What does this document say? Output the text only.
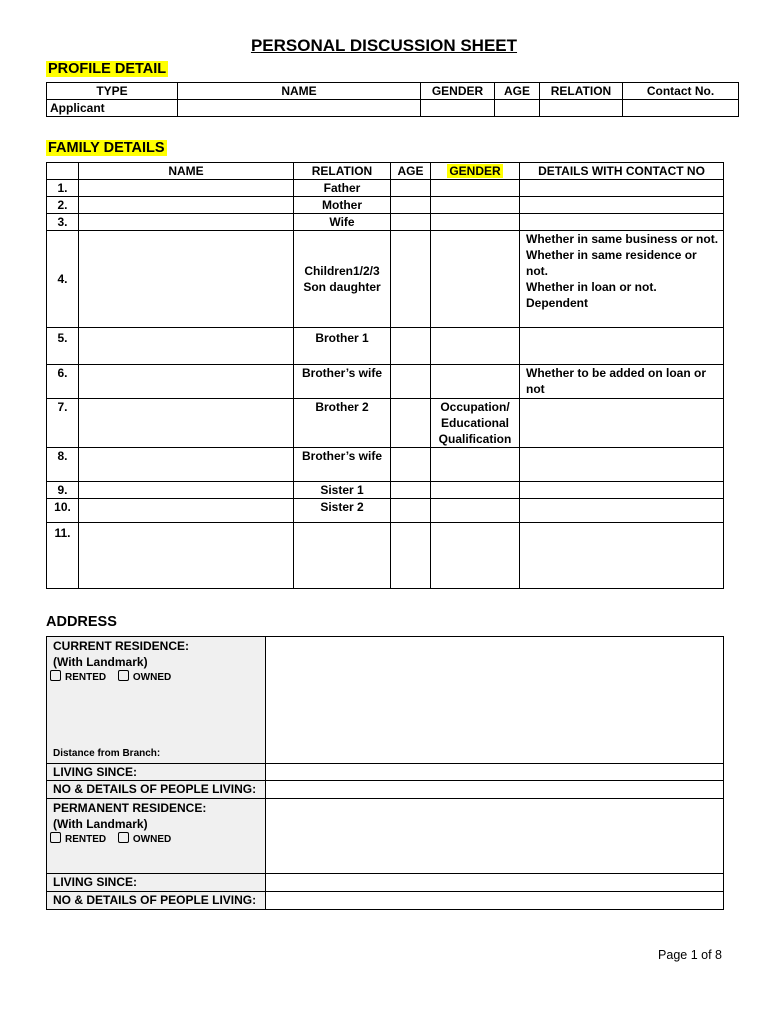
PERSONAL DISCUSSION SHEET
PROFILE DETAIL
TYPE	NAME	GENDER	AGE	RELATION	Contact No.
Applicant					
FAMILY DETAILS
	NAME	RELATION	AGE	GENDER	DETAILS WITH CONTACT NO
1.		Father			
2.		Mother			
3.		Wife			
4.		Children1/2/3 Son daughter			Whether in same business or not.
Whether in same residence or not.
Whether in loan or not.
Dependent
5.		Brother 1			
6.		Brother’s wife			Whether to be added on loan or not
7.		Brother 2		Occupation/ Educational Qualification	
8.		Brother’s wife			
9.		Sister 1			
10.		Sister 2			
11.					
ADDRESS
CURRENT RESIDENCE:
(With Landmark)
RENTED OWNED
Distance from Branch:	

LIVING SINCE:	
NO & DETAILS OF PEOPLE LIVING:	

PERMANENT RESIDENCE:
(With Landmark)
RENTED OWNED	

LIVING SINCE:	
NO & DETAILS OF PEOPLE LIVING:	
Page 1 of 8
